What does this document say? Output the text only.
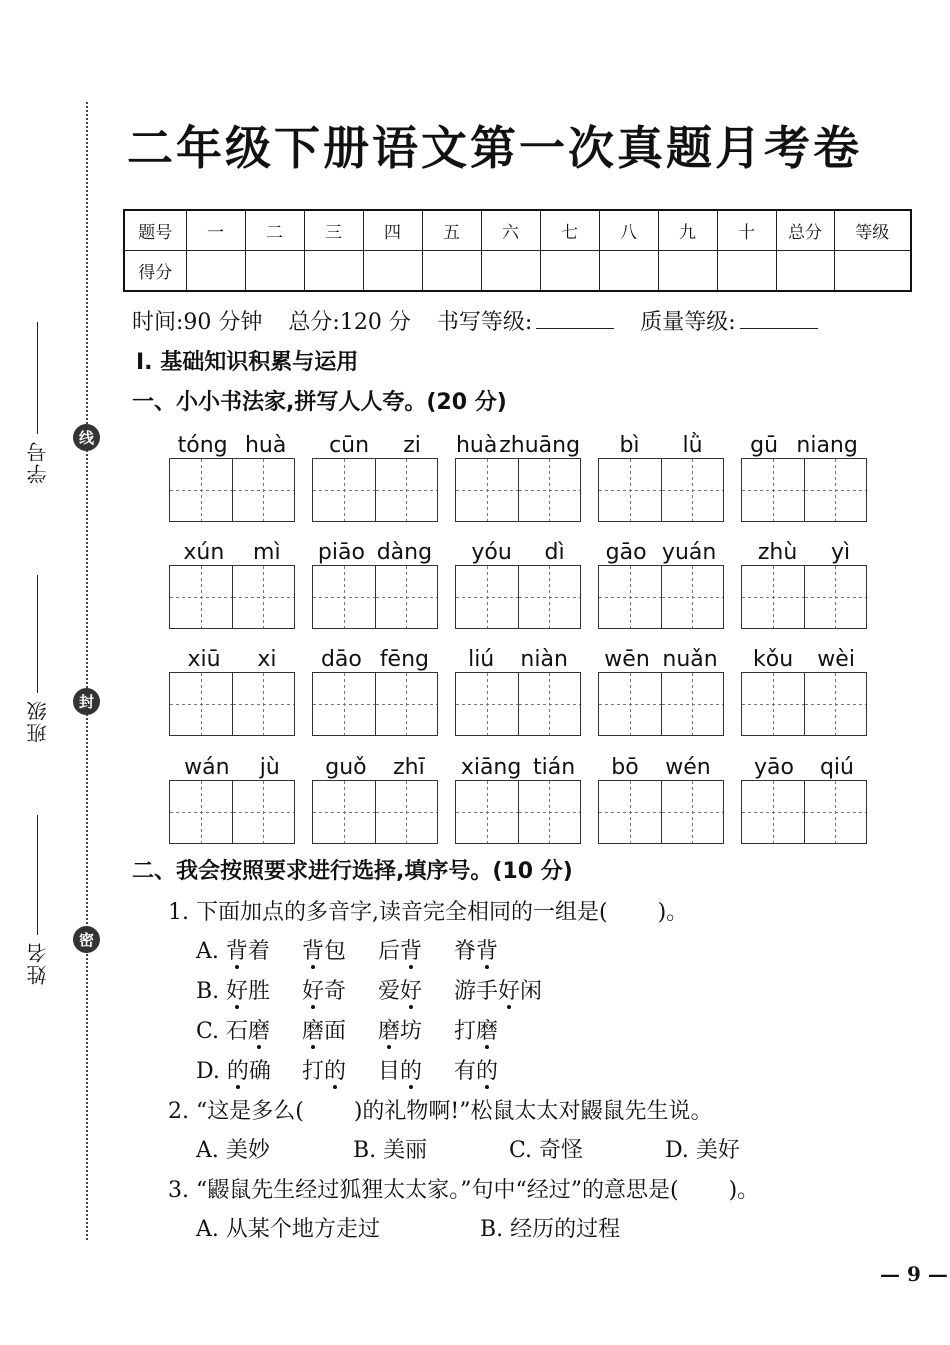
线
封
密
学号
班级
姓名
二年级下册语文第一次真题月考卷
题号	一	二	三	四	五	六	七	八	九	十	总分	等级
得分												
时间:90 分钟 总分:120 分 书写等级:	质量等级:
Ⅰ. 基础知识积累与运用
一、小小书法家,拼写人人夸。(20 分)
tóng huà cūn zi huà zhuāng bì lǜ gū niang
xún mì piāo dàng yóu dì gāo yuán zhù yì
xiū xi dāo fēng liú niàn wēn nuǎn kǒu wèi
wán jù guǒ zhī xiāng tián bō wén yāo qiú
二、我会按照要求进行选择,填序号。(10 分)
1. 下面加点的多音字,读音完全相同的一组是( )。
A. 背着	背包	后背	脊背
B. 好胜	好奇	爱好	游手好闲
C. 石磨	磨面	磨坊	打磨
D. 的确	打的	目的	有的
2. “这是多么( )的礼物啊!”松鼠太太对鼹鼠先生说。
A. 美妙	B. 美丽	C. 奇怪	D. 美好
3. “鼹鼠先生经过狐狸太太家。”句中“经过”的意思是( )。
A. 从某个地方走过	B. 经历的过程
— 9 —
